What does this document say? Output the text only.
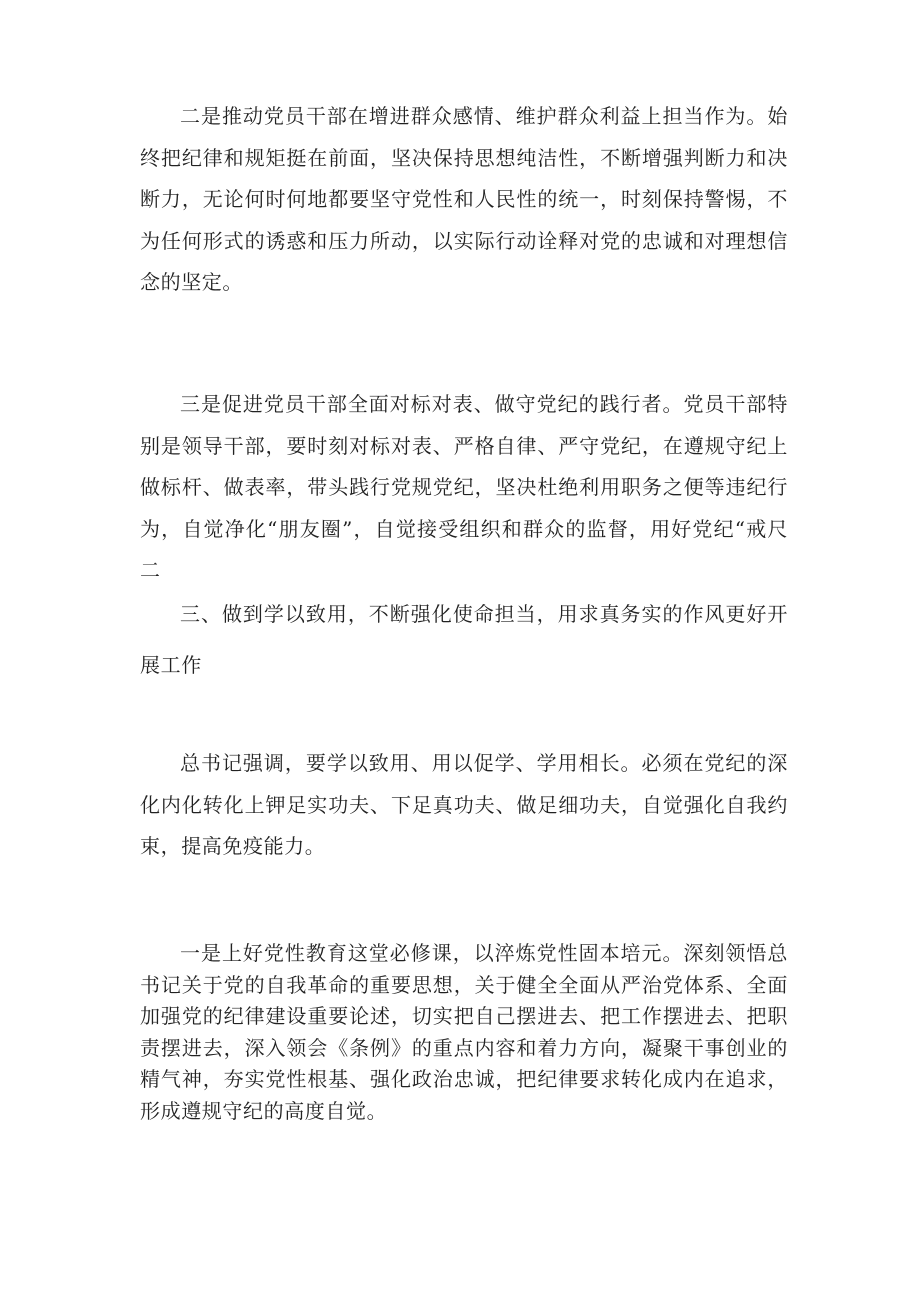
二是推动党员干部在增进群众感情、维护群众利益上担当作为。始终把纪律和规矩挺在前面，坚决保持思想纯洁性，不断增强判断力和决断力，无论何时何地都要坚守党性和人民性的统一，时刻保持警惕，不为任何形式的诱惑和压力所动，以实际行动诠释对党的忠诚和对理想信念的坚定。

三是促进党员干部全面对标对表、做守党纪的践行者。党员干部特别是领导干部，要时刻对标对表、严格自律、严守党纪，在遵规守纪上做标杆、做表率，带头践行党规党纪，坚决杜绝利用职务之便等违纪行为，自觉净化“朋友圈”，自觉接受组织和群众的监督，用好党纪“戒尺二

三、做到学以致用，不断强化使命担当，用求真务实的作风更好开展工作

总书记强调，要学以致用、用以促学、学用相长。必须在党纪的深化内化转化上钾足实功夫、下足真功夫、做足细功夫，自觉强化自我约束，提高免疫能力。

一是上好党性教育这堂必修课，以淬炼党性固本培元。深刻领悟总书记关于党的自我革命的重要思想，关于健全全面从严治党体系、全面加强党的纪律建设重要论述，切实把自己摆进去、把工作摆进去、把职责摆进去，深入领会《条例》的重点内容和着力方向，凝聚干事创业的精气神，夯实党性根基、强化政治忠诚，把纪律要求转化成内在追求，形成遵规守纪的高度自觉。
